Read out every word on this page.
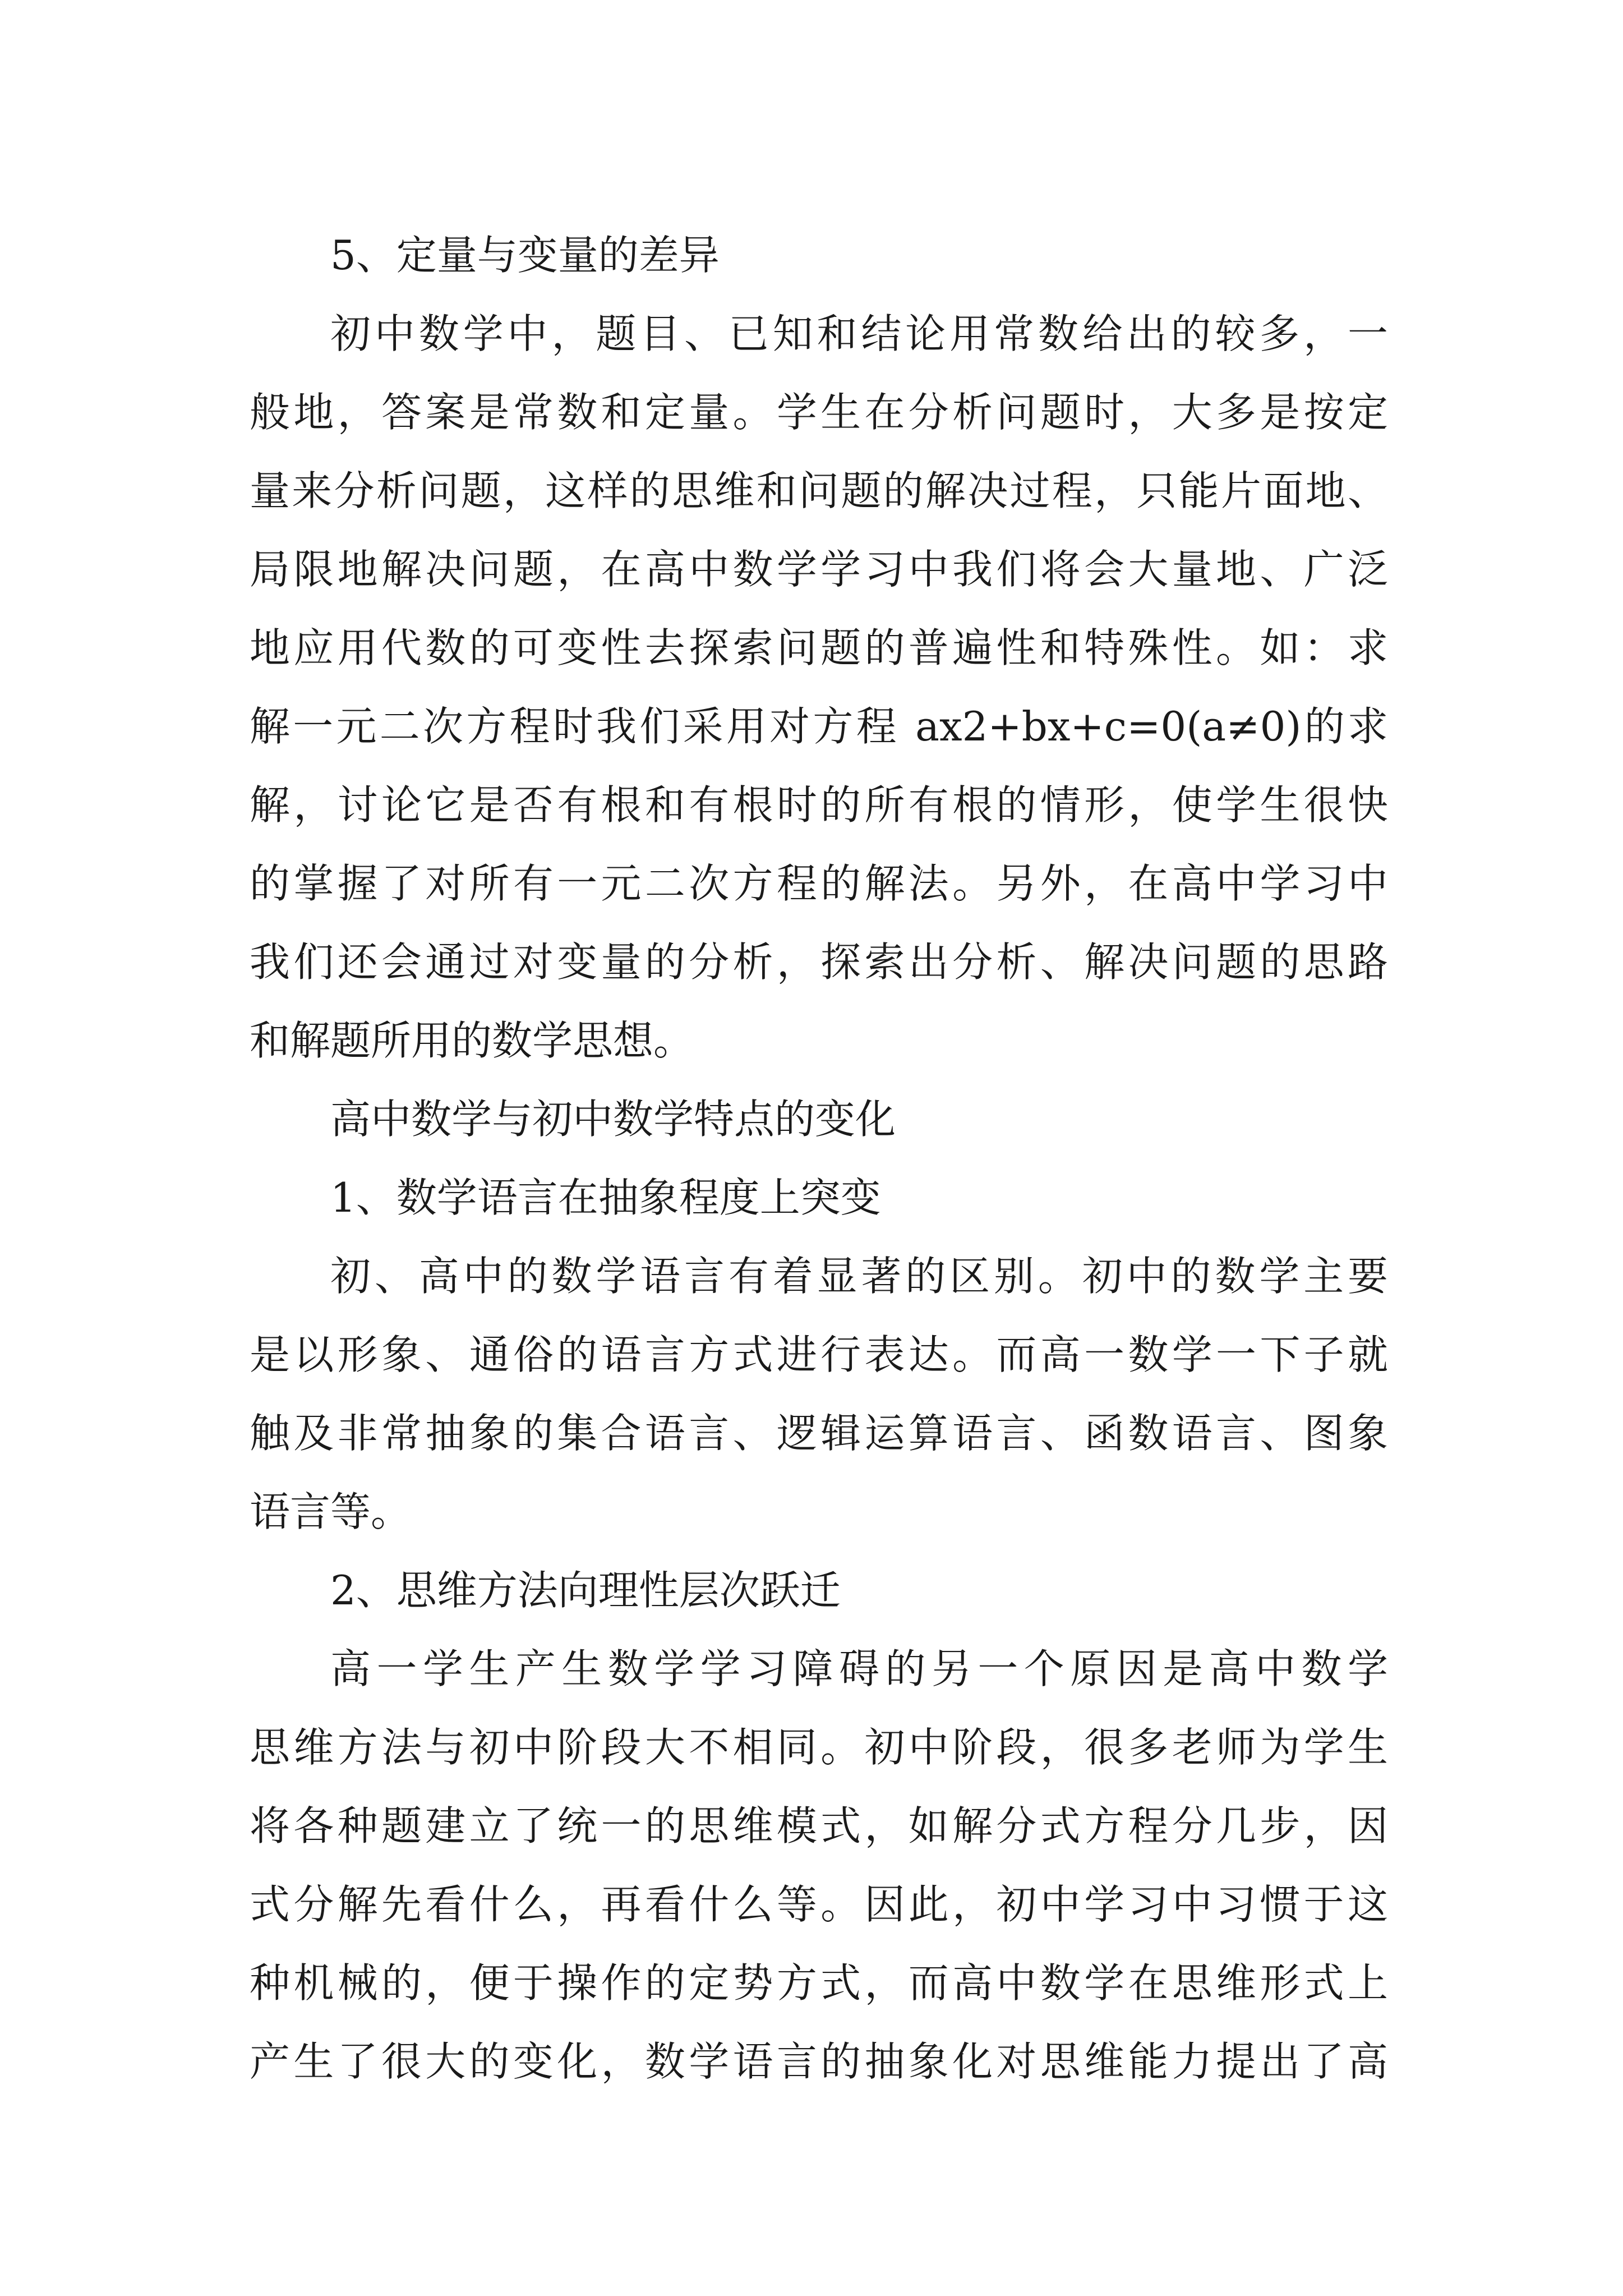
5、定量与变量的差异
初中数学中，题目、已知和结论用常数给出的较多，一
般地，答案是常数和定量。学生在分析问题时，大多是按定
量来分析问题，这样的思维和问题的解决过程，只能片面地、
局限地解决问题，在高中数学学习中我们将会大量地、广泛
地应用代数的可变性去探索问题的普遍性和特殊性。如：求
解一元二次方程时我们采用对方程 ax2+bx+c=0(a≠0)的求
解，讨论它是否有根和有根时的所有根的情形，使学生很快
的掌握了对所有一元二次方程的解法。另外，在高中学习中
我们还会通过对变量的分析，探索出分析、解决问题的思路
和解题所用的数学思想。
高中数学与初中数学特点的变化
1、数学语言在抽象程度上突变
初、高中的数学语言有着显著的区别。初中的数学主要
是以形象、通俗的语言方式进行表达。而高一数学一下子就
触及非常抽象的集合语言、逻辑运算语言、函数语言、图象
语言等。
2、思维方法向理性层次跃迁
高一学生产生数学学习障碍的另一个原因是高中数学
思维方法与初中阶段大不相同。初中阶段，很多老师为学生
将各种题建立了统一的思维模式，如解分式方程分几步，因
式分解先看什么，再看什么等。因此，初中学习中习惯于这
种机械的，便于操作的定势方式，而高中数学在思维形式上
产生了很大的变化，数学语言的抽象化对思维能力提出了高
